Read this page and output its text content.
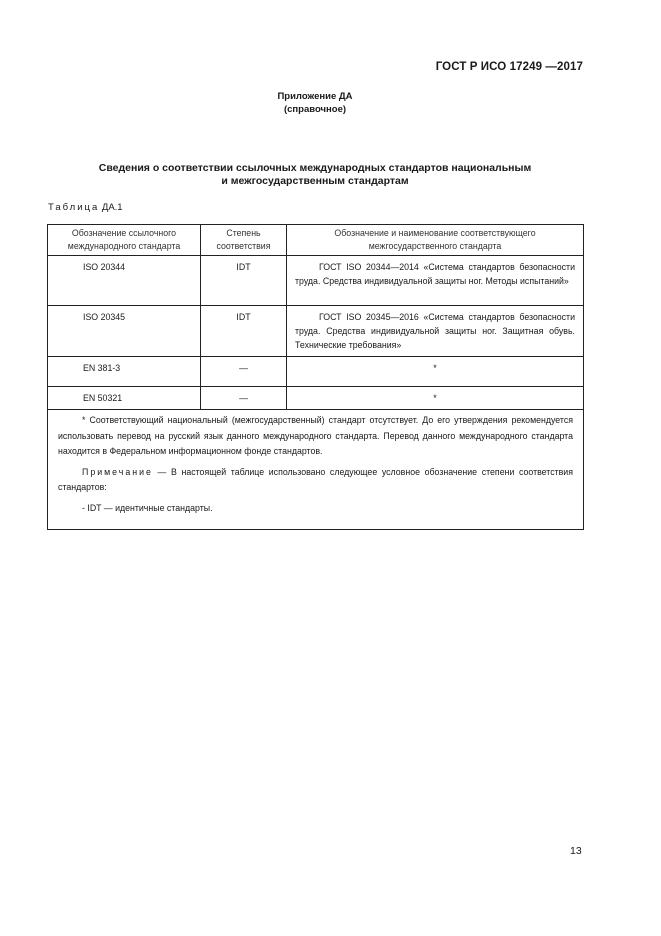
ГОСТ Р ИСО 17249 —2017
Приложение ДА
(справочное)
Сведения о соответствии ссылочных международных стандартов национальным
и межгосударственным стандартам
Таблица ДА.1
Обозначение ссылочного международного стандарта	Степень соответствия	Обозначение и наименование соответствующего межгосударственного стандарта
ISO 20344	IDT	ГОСТ ISO 20344—2014 «Система стандартов безопасности труда. Средства индивидуальной защиты ног. Методы испытаний»
ISO 20345	IDT	ГОСТ ISO 20345—2016 «Система стандартов безопасности труда. Средства индивидуальной защиты ног. Защитная обувь. Технические требования»
EN 381-3	—	*
EN 50321	—	*

* Соответствующий национальный (межгосударственный) стандарт отсутствует. До его утверждения рекомендуется использовать перевод на русский язык данного международного стандарта. Перевод данного международного стандарта находится в Федеральном информационном фонде стандартов.

Примечание — В настоящей таблице использовано следующее условное обозначение степени соответствия стандартов:

- IDT — идентичные стандарты.		

13
